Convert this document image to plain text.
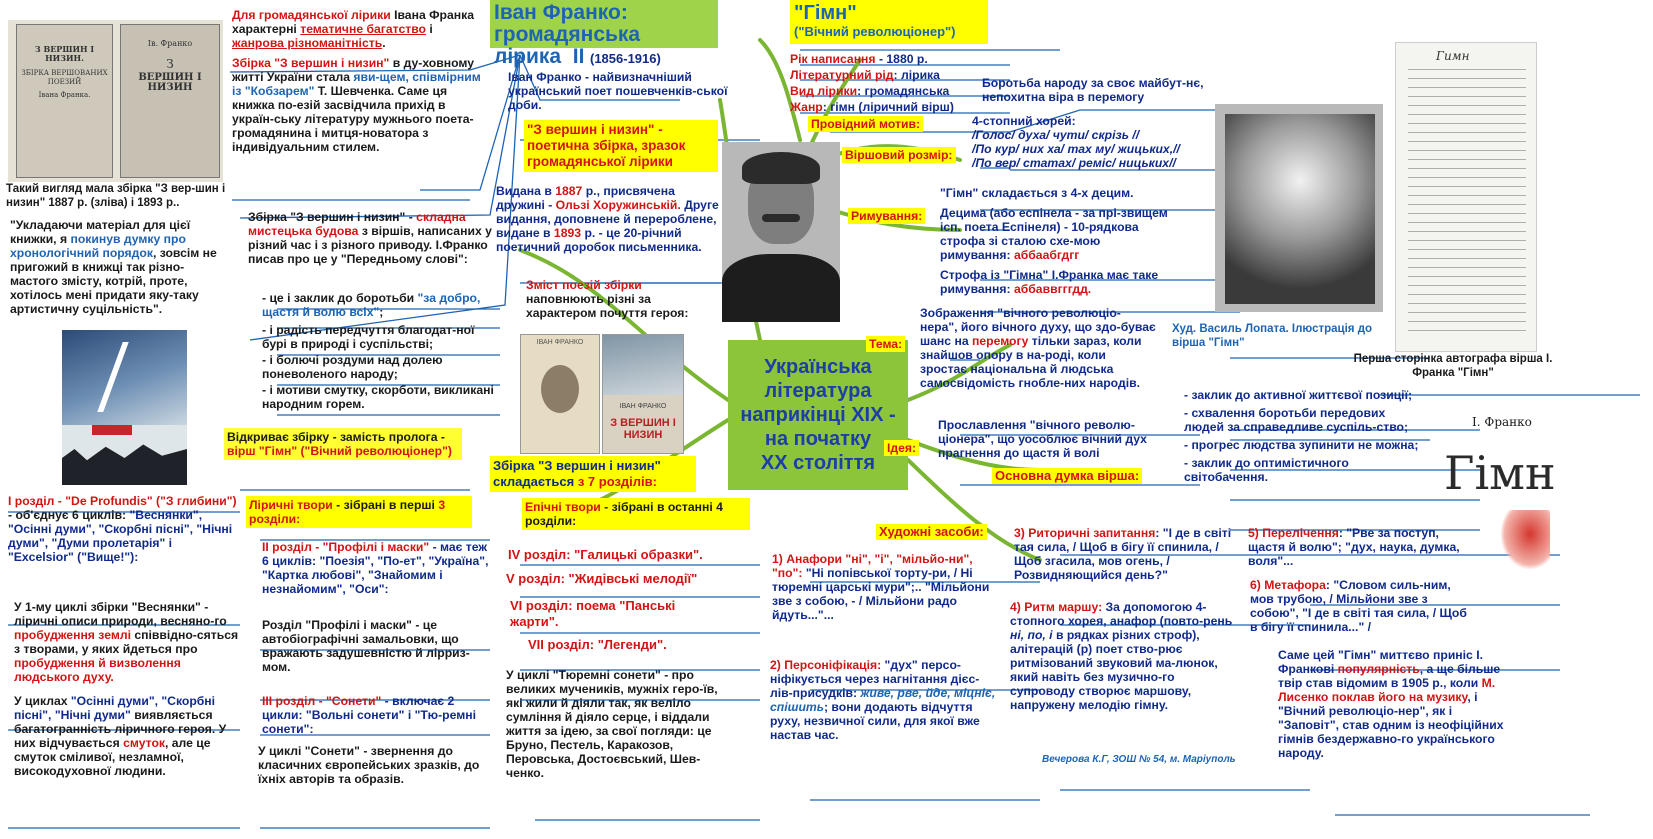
З ВЕРШИН І НИЗИН.
ЗБІРКА ВЕРШОВАНИХ ПОЕЗИЙ
Івана Франка.
Ів. Франко
З
ВЕРШИН І НИЗИН
Такий вигляд мала збірка "З вер-шин і низин" 1887 р. (зліва) і 1893 р..
"Укладаючи матеріал для цієї книжки, я покинув думку про хронологічний порядок, зовсім не пригожий в книжці так різно-мастого змісту, котрій, проте, хотілось мені придати яку-таку артистичну суцільність".

Для громадянської лірики Івана Франка характерні тематичне багатство і жанрова різноманітність.

Збірка "З вершин і низин" в ду-ховному житті України стала яви-щем, співмірним із "Кобзарем" Т. Шевченка. Саме ця книжка по-езій засвідчила прихід в україн-ську літературу мужнього поета-громадянина і митця-новатора з індивідуальним стилем.

Збірка "З вершин і низин" - складна мистецька будова з віршів, написаних у різний час і з різного приводу. І.Франко писав про це у "Передньому слові":

- це і заклик до боротьби "за добро, щастя й волю всіх";

- і радість передчуття благодат-ної бурі в природі і суспільстві;

- і болючі роздуми над долею поневоленого народу;

- і мотиви смутку, скорботи, викликані народним горем.

Відкриває збірку - замість пролога - вірш "Гімн" ("Вічний революціонер")
Іван Франко:
громадянська лірика ІІ (1856-1916)
Іван Франко - найвизначніший український поет пошевченків-ської доби.
"З вершин і низин" - поетична збірка, зразок громадянської лірики
Видана в 1887 р., присвячена дружині - Ользі Хоружинській. Друге видання, доповнене й перероблене, видане в 1893 р. - це 20-річний поетичний доробок письменника.
Зміст поезій збірки наповнюють різні за характером почуття героя:
ІВАН ФРАНКО
ІВАН ФРАНКО
З ВЕРШИН І НИЗИН
Українська
література
наприкінці ХІХ -
на початку
ХХ століття
Збірка "З вершин і низин" складається з 7 розділів:
І розділ - "De Profundis" ("З глибини") - об'єднує 6 циклів: "Веснянки", "Осінні думи", "Скорбні пісні", "Нічні думи", "Думи пролетарія" і "Excelsior" ("Вище!"):
У 1-му циклі збірки "Веснянки" - ліричні описи природи, весняно-го пробудження землі співвідно-сяться з творами, у яких йдеться про пробудження й визволення людського духу.
У циклах "Осінні думи", "Скорбні пісні", "Нічні думи" виявляється багатогранність ліричного героя. У них відчувається смуток, але це смуток сміливої, незламної, високодуховної людини.
Ліричні твори - зібрані в перші 3 розділи:
ІІ розділ - "Профілі і маски" - має теж 6 циклів: "Поезія", "По-ет", "Україна", "Картка любові", "Знайомим і незнайомим", "Оси":
Розділ "Профілі і маски" - це автобіографічні замальовки, що вражають задушевністю й лірриз-мом.
ІІІ розділ - "Сонети" - включає 2 цикли: "Вольні сонети" і "Тю-ремні сонети":
У циклі "Сонети" - звернення до класичних європейських зразків, до їхніх авторів та образів.
Епічні твори - зібрані в останні 4 розділи:
IV розділ: "Галицькі образки".
V розділ: "Жидівські мелодії"
VI розділ: поема "Панські жарти".
VII розділ: "Легенди".
У циклі "Тюремні сонети" - про великих мучеників, мужніх геро-їв, які жили й діяли так, як веліло сумління й діяло серце, і віддали життя за ідею, за свої погляди: це Бруно, Пестель, Каракозов, Перовська, Достоєвський, Шев-ченко.
"Гімн"
("Вічний революціонер")
Рік написання - 1880 р.
Літературний рід: лірика
Вид лірики: громадянська
Жанр: гімн (ліричний вірш)
Провідний мотив:
Боротьба народу за своє майбут-нє, непохитна віра в перемогу
Віршовий розмір:
4-стопний хорей:
/Голос/ духа/ чути/ скрізь //
/По кур/ них ха/ тах му/ жицьких,//
/По вер/ статах/ реміс/ ницьких//
Римування:
"Гімн" складається з 4-х децим.
Децима (або еспінела - за прі-звищем ісп. поета Еспінеля) - 10-рядкова строфа зі сталою схе-мою римування: аббаабгдгг
Строфа із "Гімна" І.Франка має таке римування: аббаввгггдд.
Худ. Василь Лопата. Ілюстрація до вірша "Гімн"
Гимн
Перша сторінка автографа вірша І. Франка "Гімн"
І. Франко
Гімн
Тема:
Зображення "вічного революціо-нера", його вічного духу, що здо-буває шанс на перемогу тільки зараз, коли знайшов опору в на-роді, коли зростає національна й людська самосвідомість гнобле-них народів.
Ідея:
Прославлення "вічного револю-ціонера", що уособлює вічний дух прагнення до щастя й волі
Основна думка вірша:

- заклик до активної життєвої позиції;

- схвалення боротьби передових людей за справедливе суспіль-ство;

- прогрес людства зупинити не можна;

- заклик до оптимістичного світобачення.

Художні засоби:
1) Анафори "ні", "і", "мільйо-ни", "по": "Ні попівської торту-ри, / Ні тюремні царські мури";.. "Мільйони зве з собою, - / Мільйони радо йдуть..."...
2) Персоніфікація: "дух" персо-ніфікується через нагнітання дієс-лів-присудків: живе, рве, йде, міцніє, спішить; вони додають відчуття руху, незвичної сили, для якої вже настав час.
3) Риторичні запитання: "І де в світі тая сила, / Щоб в бігу її спинила, / Щоб згасила, мов огень, / Розвидняющийся день?"
4) Ритм маршу: За допомогою 4-стопного хорея, анафор (повто-рень ні, по, і в рядках різних строф), алітерацій (р) поет ство-рює ритмізований звуковий ма-люнок, який навіть без музично-го супроводу створює маршову, напружену мелодію гімну.
5) Перелічення: "Рве за поступ, щастя й волю"; "дух, наука, думка, воля"...
6) Метафора: "Словом силь-ним, мов трубою, / Мільйони зве з собою", "І де в світі тая сила, / Щоб в бігу її спинила..." /
Саме цей "Гімн" миттєво приніс І. Франкові популярність, а ще більше твір став відомим в 1905 р., коли М. Лисенко поклав його на музику, і "Вічний революціо-нер", як і "Заповіт", став одним із неофіційних гімнів бездержавно-го українського народу.
Вечерова К.Г, ЗОШ № 54, м. Маріуполь
